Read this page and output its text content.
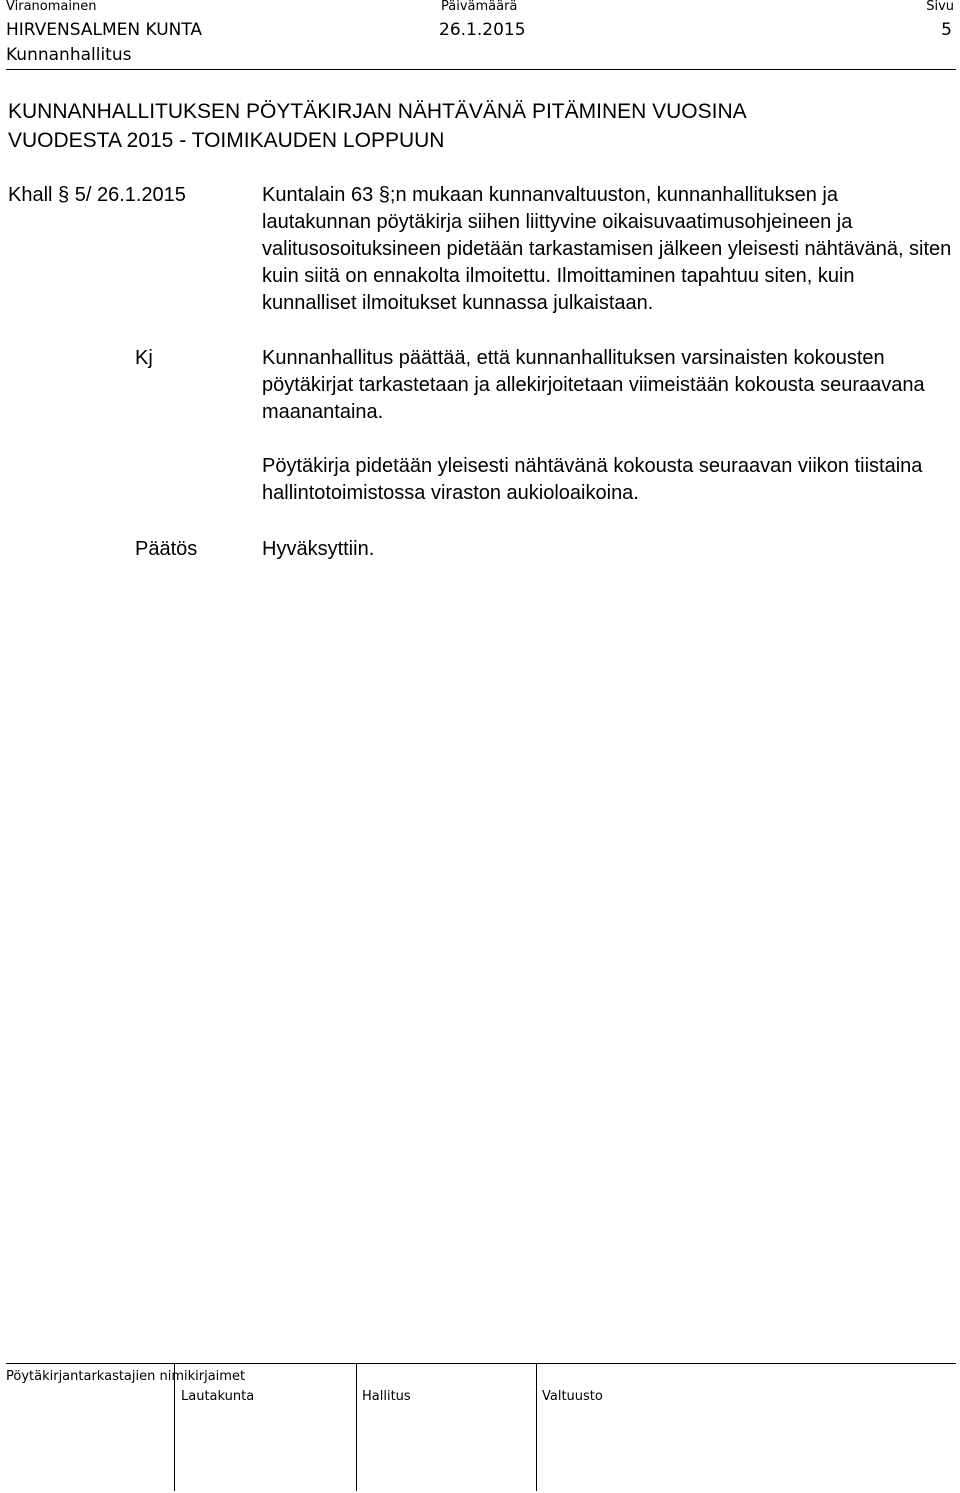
Viranomainen	Päivämäärä	Sivu
HIRVENSALMEN KUNTA	26.1.2015	5
Kunnanhallitus
KUNNANHALLITUKSEN PÖYTÄKIRJAN NÄHTÄVÄNÄ PITÄMINEN VUOSINA
VUODESTA 2015 - TOIMIKAUDEN LOPPUUN
Khall § 5/ 26.1.2015	Kuntalain 63 §;n mukaan kunnanvaltuuston, kunnanhallituksen ja lautakunnan pöytäkirja siihen liittyvine oikaisuvaatimusohjeineen ja valitusosoituksineen pidetään tarkastamisen jälkeen yleisesti nähtävänä, siten kuin siitä on ennakolta ilmoitettu. Ilmoittaminen tapahtuu siten, kuin kunnalliset ilmoitukset kunnassa julkaistaan.

Kj	Kunnanhallitus päättää, että kunnanhallituksen varsinaisten kokousten pöytäkirjat tarkastetaan ja allekirjoitetaan viimeistään kokousta seuraavana maanantaina.

Pöytäkirja pidetään yleisesti nähtävänä kokousta seuraavan viikon tiistaina hallintotoimistossa viraston aukioloaikoina.

Päätös	Hyväksyttiin.

Pöytäkirjantarkastajien nimikirjaimet
Lautakunta	Hallitus	Valtuusto
